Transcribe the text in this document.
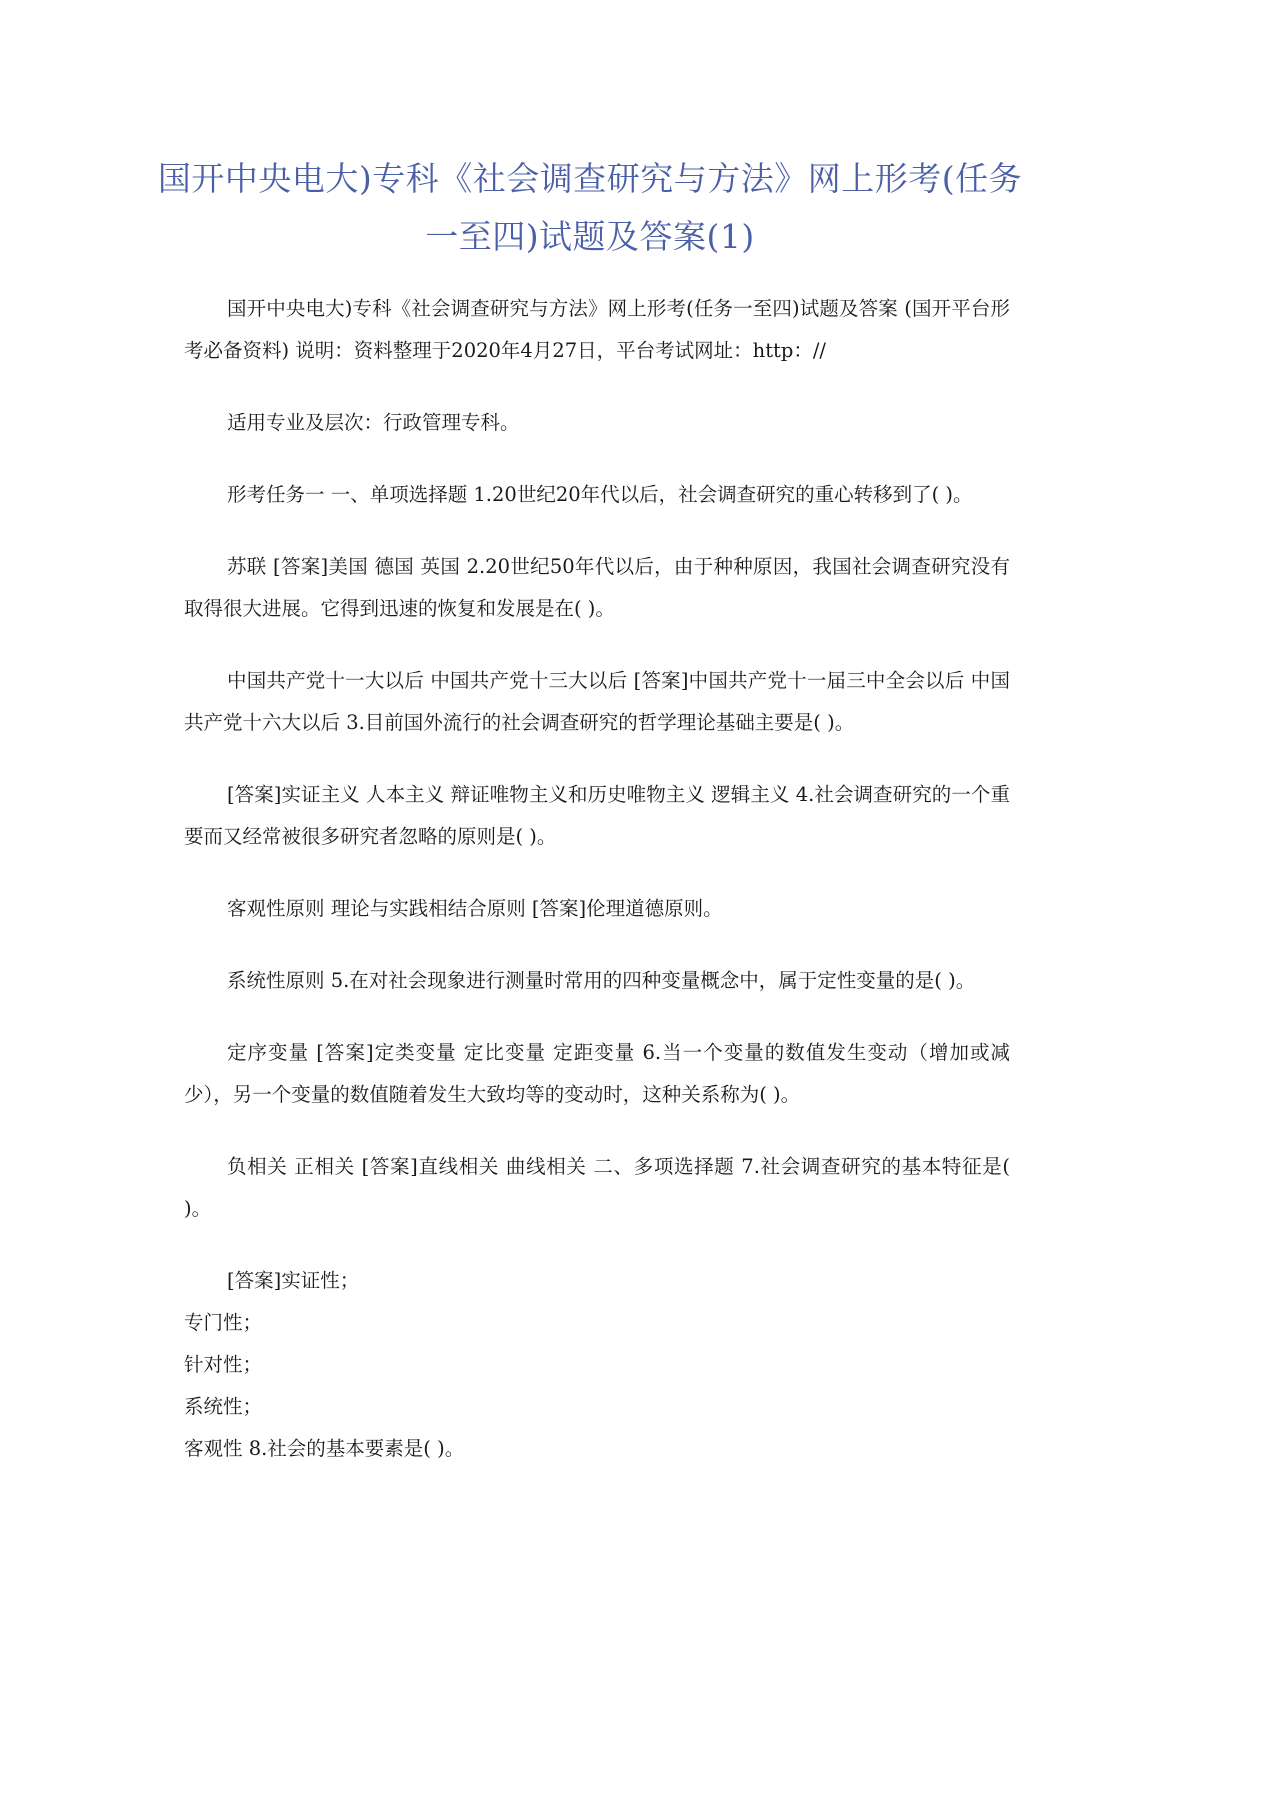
国开中央电大)专科《社会调查研究与方法》网上形考(任务一至四)试题及答案(1)

国开中央电大)专科《社会调查研究与方法》网上形考(任务一至四)试题及答案 (国开平台形考必备资料) 说明：资料整理于2020年4月27日，平台考试网址：http：//

适用专业及层次：行政管理专科。

形考任务一 一、单项选择题 1.20世纪20年代以后，社会调查研究的重心转移到了( )。

苏联 [答案]美国 德国 英国 2.20世纪50年代以后，由于种种原因，我国社会调查研究没有取得很大进展。它得到迅速的恢复和发展是在( )。

中国共产党十一大以后 中国共产党十三大以后 [答案]中国共产党十一届三中全会以后 中国共产党十六大以后 3.目前国外流行的社会调查研究的哲学理论基础主要是( )。

[答案]实证主义 人本主义 辩证唯物主义和历史唯物主义 逻辑主义 4.社会调查研究的一个重要而又经常被很多研究者忽略的原则是( )。

客观性原则 理论与实践相结合原则 [答案]伦理道德原则。

系统性原则 5.在对社会现象进行测量时常用的四种变量概念中，属于定性变量的是( )。

定序变量 [答案]定类变量 定比变量 定距变量 6.当一个变量的数值发生变动（增加或减少），另一个变量的数值随着发生大致均等的变动时，这种关系称为( )。

负相关 正相关 [答案]直线相关 曲线相关 二、多项选择题 7.社会调查研究的基本特征是( )。

[答案]实证性；

专门性；

针对性；

系统性；

客观性 8.社会的基本要素是( )。
